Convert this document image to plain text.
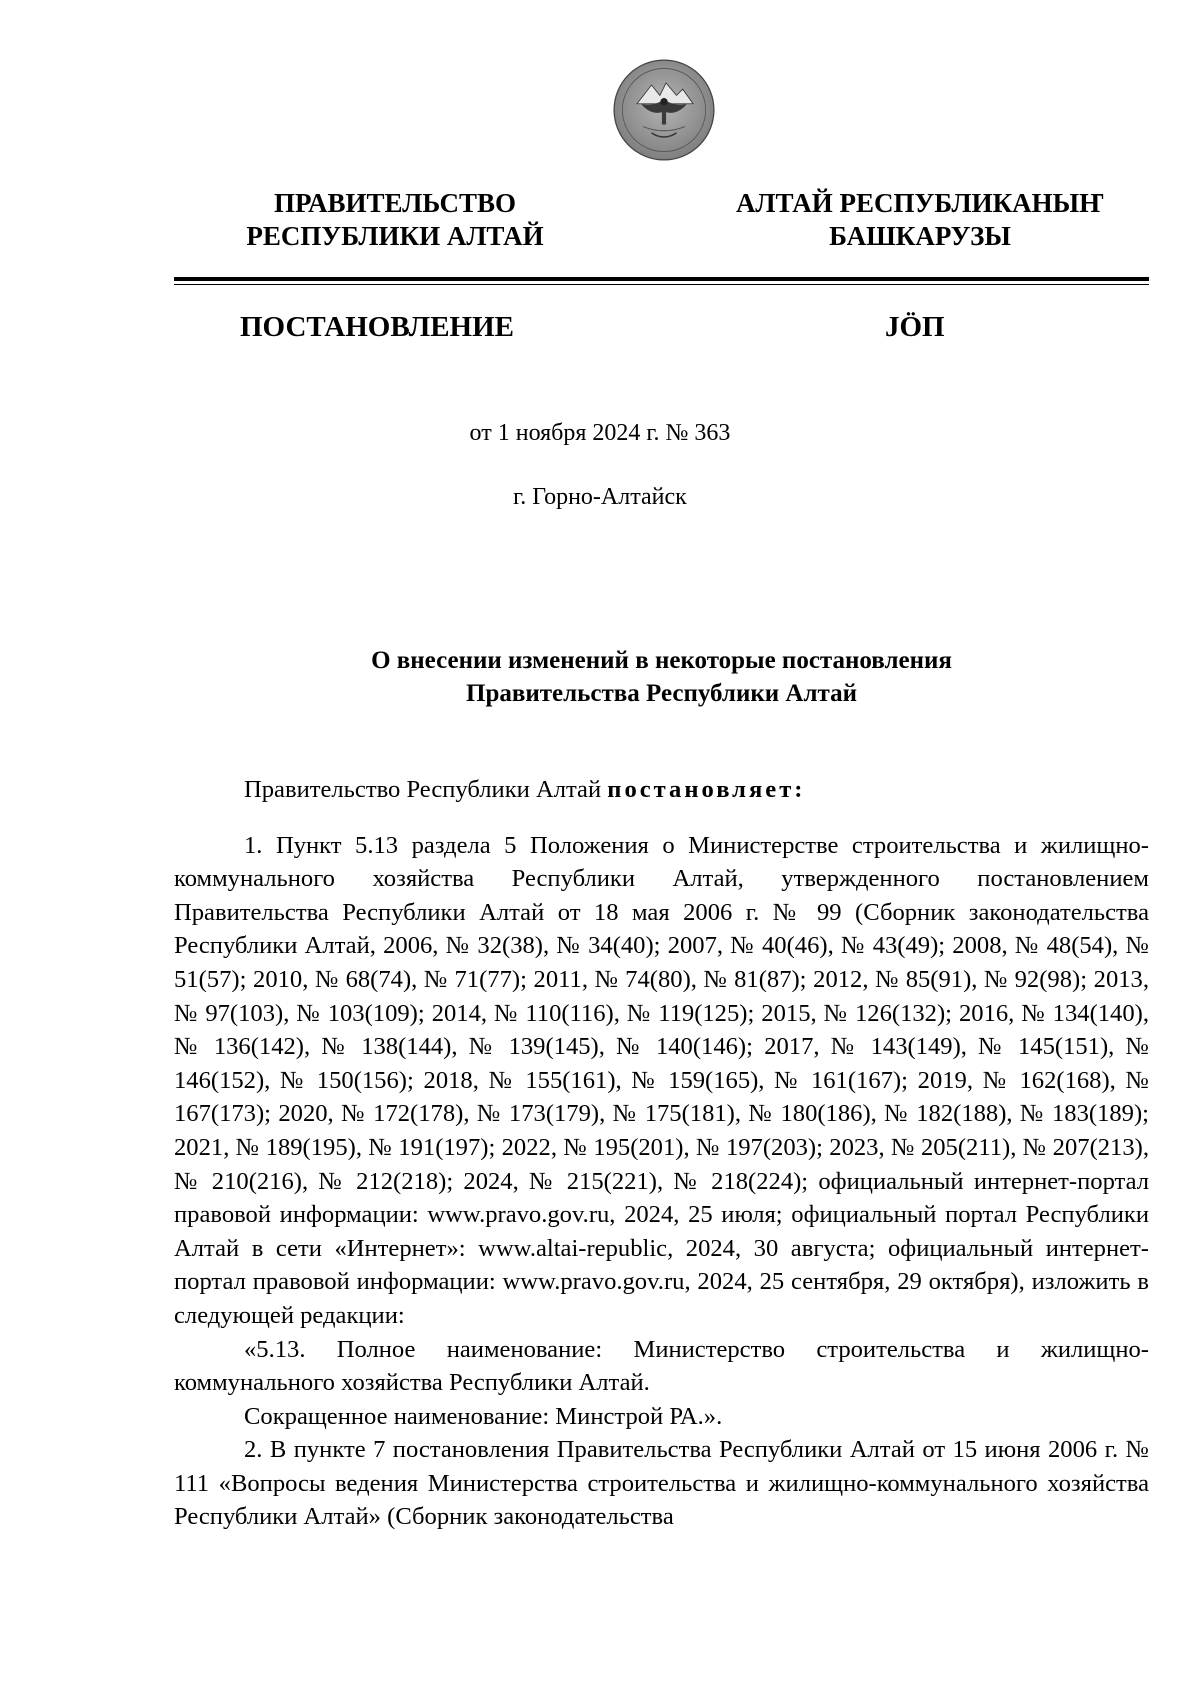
ПРАВИТЕЛЬСТВО
РЕСПУБЛИКИ АЛТАЙ
АЛТАЙ РЕСПУБЛИКАНЫҤ
БАШКАРУЗЫ
ПОСТАНОВЛЕНИЕ	JÖП
от 1 ноября 2024 г. № 363
г. Горно-Алтайск
О внесении изменений в некоторые постановления
Правительства Республики Алтай

Правительство Республики Алтай постановляет:

1. Пункт 5.13 раздела 5 Положения о Министерстве строительства и жилищно-коммунального хозяйства Республики Алтай, утвержденного постановлением Правительства Республики Алтай от 18 мая 2006 г. № 99 (Сборник законодательства Республики Алтай, 2006, № 32(38), № 34(40); 2007, № 40(46), № 43(49); 2008, № 48(54), № 51(57); 2010, № 68(74), № 71(77); 2011, № 74(80), № 81(87); 2012, № 85(91), № 92(98); 2013, № 97(103), № 103(109); 2014, № 110(116), № 119(125); 2015, № 126(132); 2016, № 134(140), № 136(142), № 138(144), № 139(145), № 140(146); 2017, № 143(149), № 145(151), № 146(152), № 150(156); 2018, № 155(161), № 159(165), № 161(167); 2019, № 162(168), № 167(173); 2020, № 172(178), № 173(179), № 175(181), № 180(186), № 182(188), № 183(189); 2021, № 189(195), № 191(197); 2022, № 195(201), № 197(203); 2023, № 205(211), № 207(213), № 210(216), № 212(218); 2024, № 215(221), № 218(224); официальный интернет-портал правовой информации: www.pravo.gov.ru, 2024, 25 июля; официальный портал Республики Алтай в сети «Интернет»: www.altai-republic, 2024, 30 августа; официальный интернет-портал правовой информации: www.pravo.gov.ru, 2024, 25 сентября, 29 октября), изложить в следующей редакции:

«5.13. Полное наименование: Министерство строительства и жилищно-коммунального хозяйства Республики Алтай.

Сокращенное наименование: Минстрой РА.».

2. В пункте 7 постановления Правительства Республики Алтай от 15 июня 2006 г. № 111 «Вопросы ведения Министерства строительства и жилищно-коммунального хозяйства Республики Алтай» (Сборник законодательства
